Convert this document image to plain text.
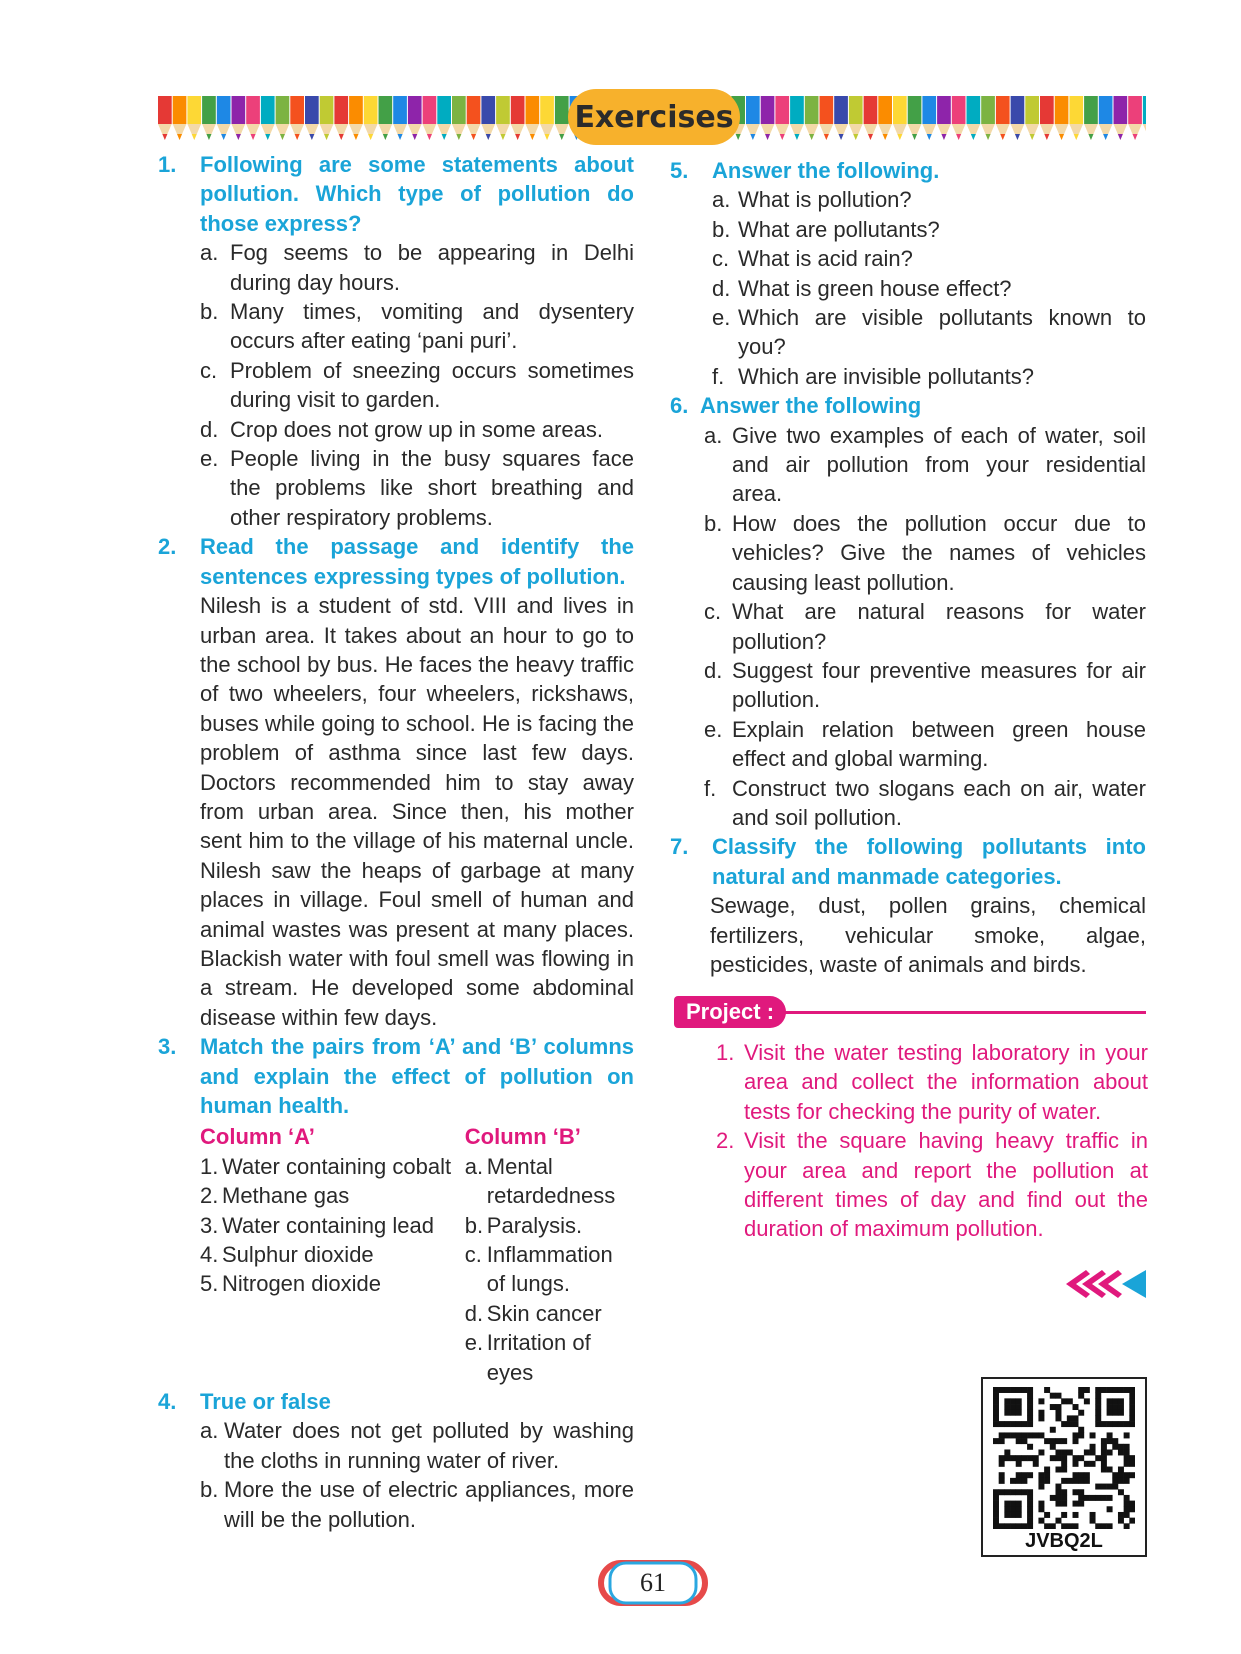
Exercises
1. Following are some statements about pollution. Which type of pollution do those express?
a. Fog seems to be appearing in Delhi during day hours.
b. Many times, vomiting and dysentery occurs after eating ‘pani puri’.
c. Problem of sneezing occurs sometimes during visit to garden.
d. Crop does not grow up in some areas.
e. People living in the busy squares face the problems like short breathing and other respiratory problems.
2. Read the passage and identify the sentences expressing types of pollution.
Nilesh is a student of std. VIII and lives in urban area. It takes about an hour to go to the school by bus. He faces the heavy traffic of two wheelers, four wheelers, rickshaws, buses while going to school. He is facing the problem of asthma since last few days. Doctors recommended him to stay away from urban area. Since then, his mother sent him to the village of his maternal uncle. Nilesh saw the heaps of garbage at many places in village. Foul smell of human and animal wastes was present at many places. Blackish water with foul smell was flowing in a stream. He developed some abdominal disease within few days.
3. Match the pairs from ‘A’ and ‘B’ columns and explain the effect of pollution on human health.
Column ‘A’
1. Water containing cobalt
2. Methane gas
3. Water containing lead
4. Sulphur dioxide
5. Nitrogen dioxide
Column ‘B’
a. Mental retardedness
b. Paralysis.
c. Inflammation of lungs.
d. Skin cancer
e. Irritation of eyes
4. True or false
a. Water does not get polluted by washing the cloths in running water of river.
b. More the use of electric appliances, more will be the pollution.
5. Answer the following.
a. What is pollution?
b. What are pollutants?
c. What is acid rain?
d. What is green house effect?
e. Which are visible pollutants known to you?
f. Which are invisible pollutants?
6. Answer the following
a. Give two examples of each of water, soil and air pollution from your residential area.
b. How does the pollution occur due to vehicles? Give the names of vehicles causing least pollution.
c. What are natural reasons for water pollution?
d. Suggest four preventive measures for air pollution.
e. Explain relation between green house effect and global warming.
f. Construct two slogans each on air, water and soil pollution.
7. Classify the following pollutants into natural and manmade categories.
Sewage, dust, pollen grains, chemical fertilizers, vehicular smoke, algae, pesticides, waste of animals and birds.
Project :
1. Visit the water testing laboratory in your area and collect the information about tests for checking the purity of water.
2. Visit the square having heavy traffic in your area and report the pollution at different times of day and find out the duration of maximum pollution.
JVBQ2L
61
